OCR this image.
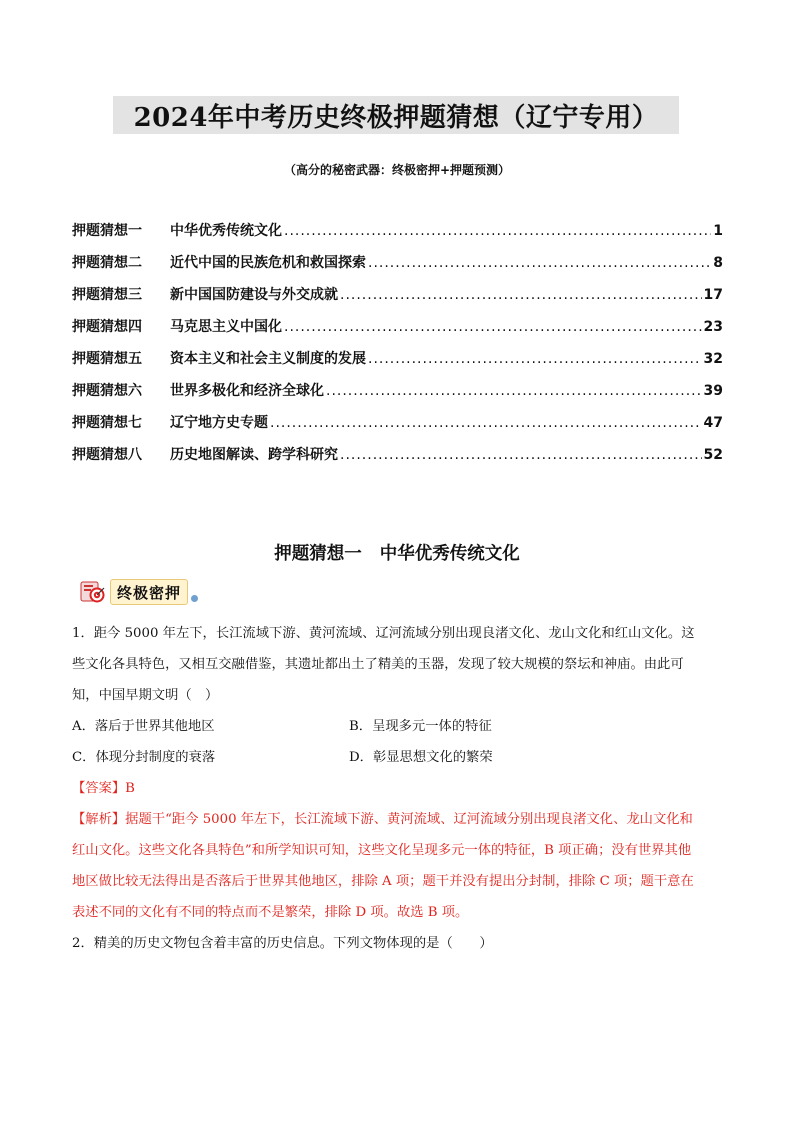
2024年中考历史终极押题猜想（辽宁专用）
（高分的秘密武器：终极密押+押题预测）
押题猜想一	中华优秀传统文化 .....	1
押题猜想二	近代中国的民族危机和救国探索 .....	8
押题猜想三	新中国国防建设与外交成就 .....	17
押题猜想四	马克思主义中国化 .....	23
押题猜想五	资本主义和社会主义制度的发展 .....	32
押题猜想六	世界多极化和经济全球化 .....	39
押题猜想七	辽宁地方史专题 .....	47
押题猜想八	历史地图解读、跨学科研究 .....	52
押题猜想一 中华优秀传统文化
终极密押

1．距今 5000 年左下，长江流域下游、黄河流域、辽河流域分别出现良渚文化、龙山文化和红山文化。这

些文化各具特色，又相互交融借鉴，其遗址都出土了精美的玉器，发现了较大规模的祭坛和神庙。由此可

知，中国早期文明（　）

A．落后于世界其他地区	B．呈现多元一体的特征
C．体现分封制度的衰落	D．彰显思想文化的繁荣

【答案】B

【解析】据题干“距今 5000 年左下，长江流域下游、黄河流域、辽河流域分别出现良渚文化、龙山文化和

红山文化。这些文化各具特色”和所学知识可知，这些文化呈现多元一体的特征，B 项正确；没有世界其他

地区做比较无法得出是否落后于世界其他地区，排除 A 项；题干并没有提出分封制，排除 C 项；题干意在

表述不同的文化有不同的特点而不是繁荣，排除 D 项。故选 B 项。

2．精美的历史文物包含着丰富的历史信息。下列文物体现的是（　　）
